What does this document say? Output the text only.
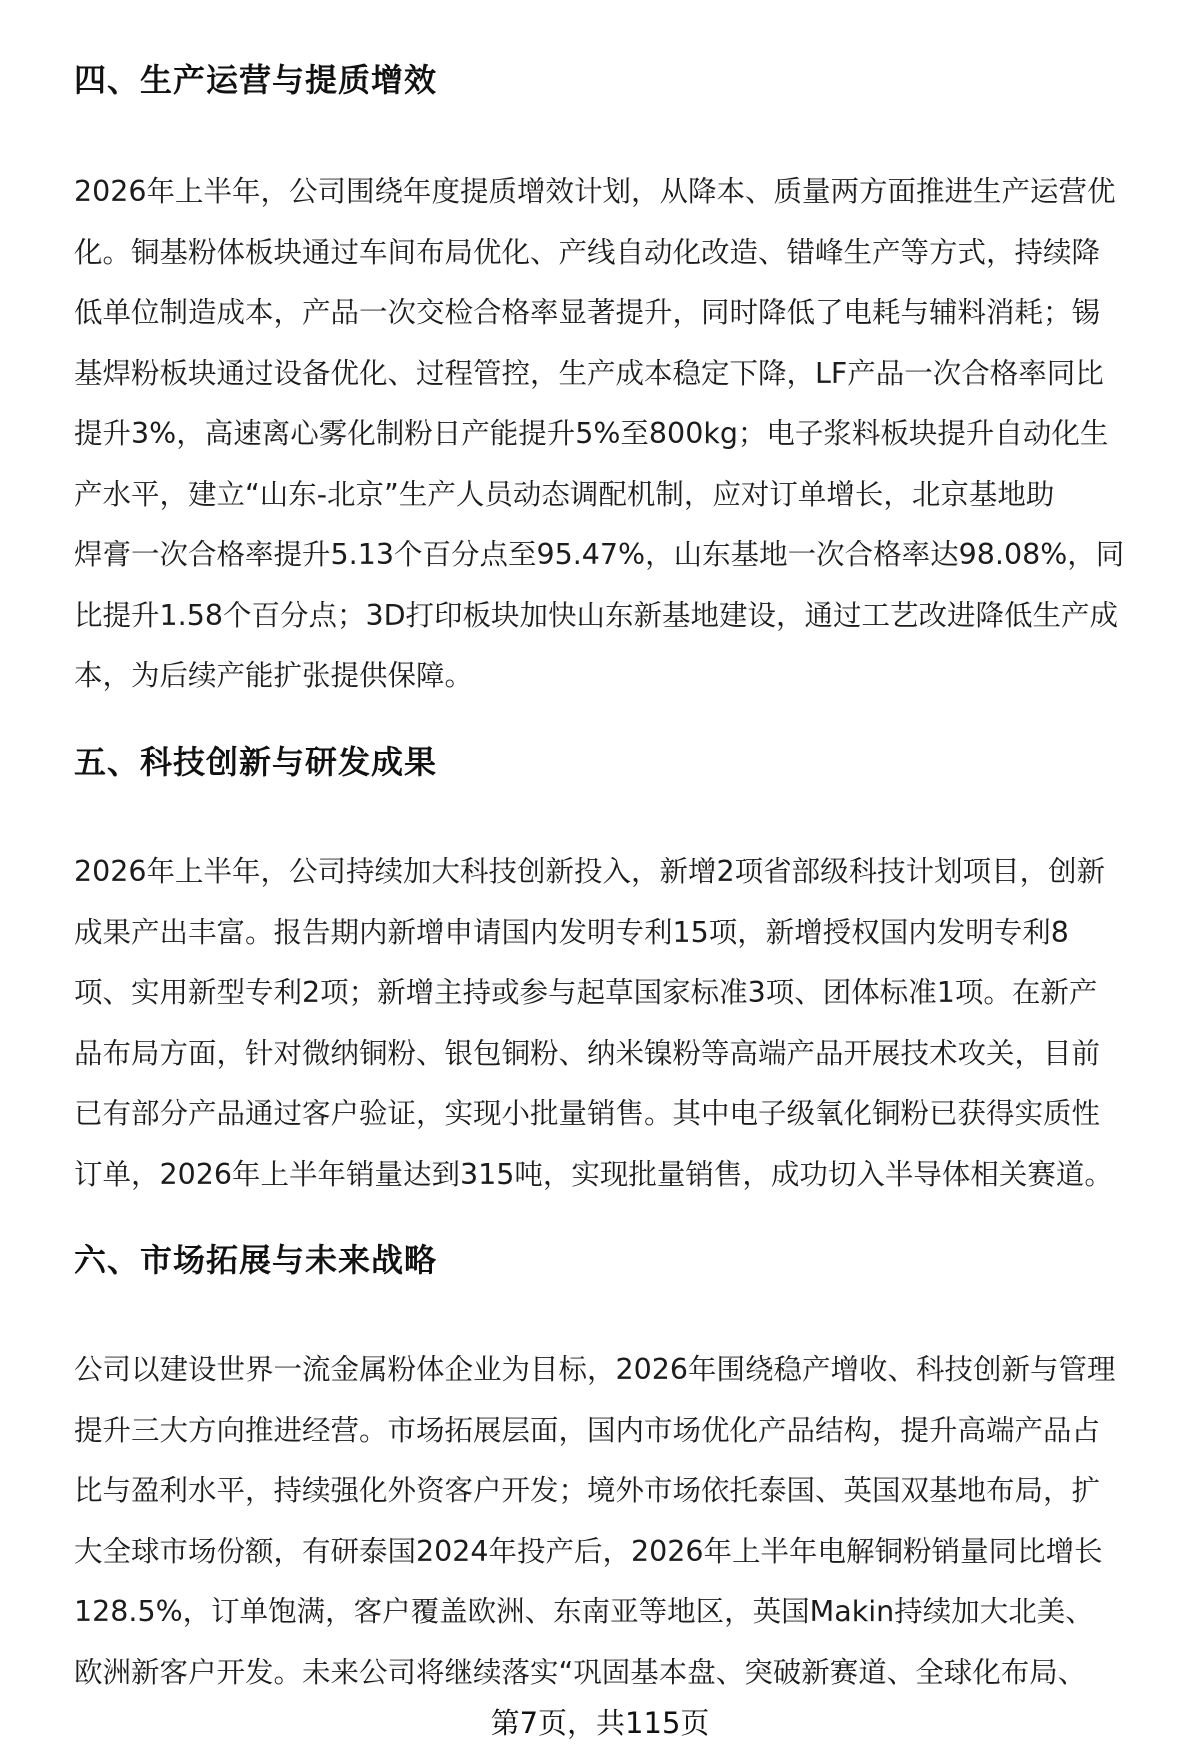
四、生产运营与提质增效

2026年上半年，公司围绕年度提质增效计划，从降本、质量两方面推进生产运营优
化。铜基粉体板块通过车间布局优化、产线自动化改造、错峰生产等方式，持续降
低单位制造成本，产品一次交检合格率显著提升，同时降低了电耗与辅料消耗；锡
基焊粉板块通过设备优化、过程管控，生产成本稳定下降，LF产品一次合格率同比
提升3%，高速离心雾化制粉日产能提升5%至800kg；电子浆料板块提升自动化生
产水平，建立“山东-北京”生产人员动态调配机制，应对订单增长，北京基地助
焊膏一次合格率提升5.13个百分点至95.47%，山东基地一次合格率达98.08%，同
比提升1.58个百分点；3D打印板块加快山东新基地建设，通过工艺改进降低生产成
本，为后续产能扩张提供保障。

五、科技创新与研发成果

2026年上半年，公司持续加大科技创新投入，新增2项省部级科技计划项目，创新
成果产出丰富。报告期内新增申请国内发明专利15项，新增授权国内发明专利8
项、实用新型专利2项；新增主持或参与起草国家标准3项、团体标准1项。在新产
品布局方面，针对微纳铜粉、银包铜粉、纳米镍粉等高端产品开展技术攻关，目前
已有部分产品通过客户验证，实现小批量销售。其中电子级氧化铜粉已获得实质性
订单，2026年上半年销量达到315吨，实现批量销售，成功切入半导体相关赛道。

六、市场拓展与未来战略

公司以建设世界一流金属粉体企业为目标，2026年围绕稳产增收、科技创新与管理
提升三大方向推进经营。市场拓展层面，国内市场优化产品结构，提升高端产品占
比与盈利水平，持续强化外资客户开发；境外市场依托泰国、英国双基地布局，扩
大全球市场份额，有研泰国2024年投产后，2026年上半年电解铜粉销量同比增长
128.5%，订单饱满，客户覆盖欧洲、东南亚等地区，英国Makin持续加大北美、
欧洲新客户开发。未来公司将继续落实“巩固基本盘、突破新赛道、全球化布局、

第7页，共115页
